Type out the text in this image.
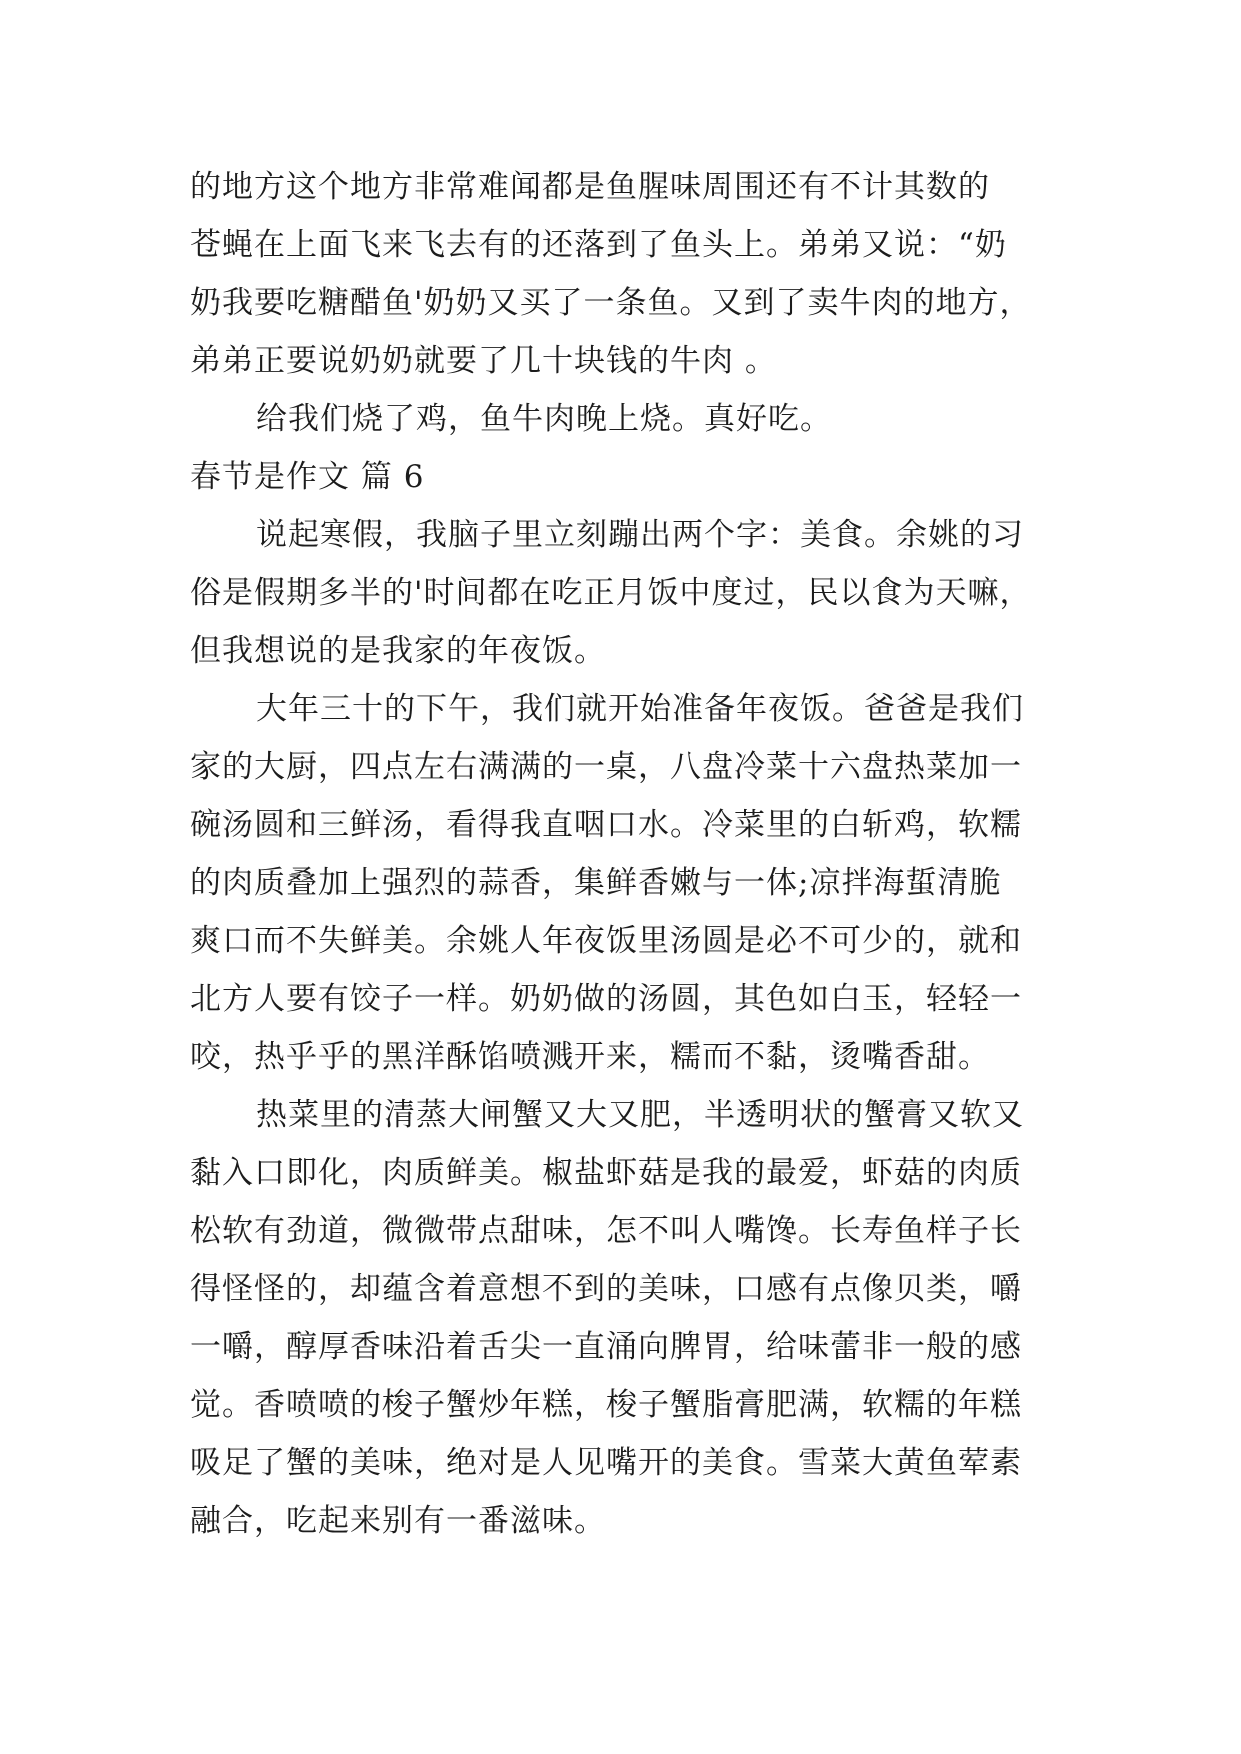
的地方这个地方非常难闻都是鱼腥味周围还有不计其数的
苍蝇在上面飞来飞去有的还落到了鱼头上。弟弟又说：“奶
奶我要吃糖醋鱼'奶奶又买了一条鱼。又到了卖牛肉的地方，
弟弟正要说奶奶就要了几十块钱的牛肉 。
给我们烧了鸡，鱼牛肉晚上烧。真好吃。
春节是作文 篇 6
说起寒假，我脑子里立刻蹦出两个字：美食。余姚的习
俗是假期多半的'时间都在吃正月饭中度过，民以食为天嘛，
但我想说的是我家的年夜饭。
大年三十的下午，我们就开始准备年夜饭。爸爸是我们
家的大厨，四点左右满满的一桌，八盘冷菜十六盘热菜加一
碗汤圆和三鲜汤，看得我直咽口水。冷菜里的白斩鸡，软糯
的肉质叠加上强烈的蒜香，集鲜香嫩与一体;凉拌海蜇清脆
爽口而不失鲜美。余姚人年夜饭里汤圆是必不可少的，就和
北方人要有饺子一样。奶奶做的汤圆，其色如白玉，轻轻一
咬，热乎乎的黑洋酥馅喷溅开来，糯而不黏，烫嘴香甜。
热菜里的清蒸大闸蟹又大又肥，半透明状的蟹膏又软又
黏入口即化，肉质鲜美。椒盐虾菇是我的最爱，虾菇的肉质
松软有劲道，微微带点甜味，怎不叫人嘴馋。长寿鱼样子长
得怪怪的，却蕴含着意想不到的美味，口感有点像贝类，嚼
一嚼，醇厚香味沿着舌尖一直涌向脾胃，给味蕾非一般的感
觉。香喷喷的梭子蟹炒年糕，梭子蟹脂膏肥满，软糯的年糕
吸足了蟹的美味，绝对是人见嘴开的美食。雪菜大黄鱼荤素
融合，吃起来别有一番滋味。
